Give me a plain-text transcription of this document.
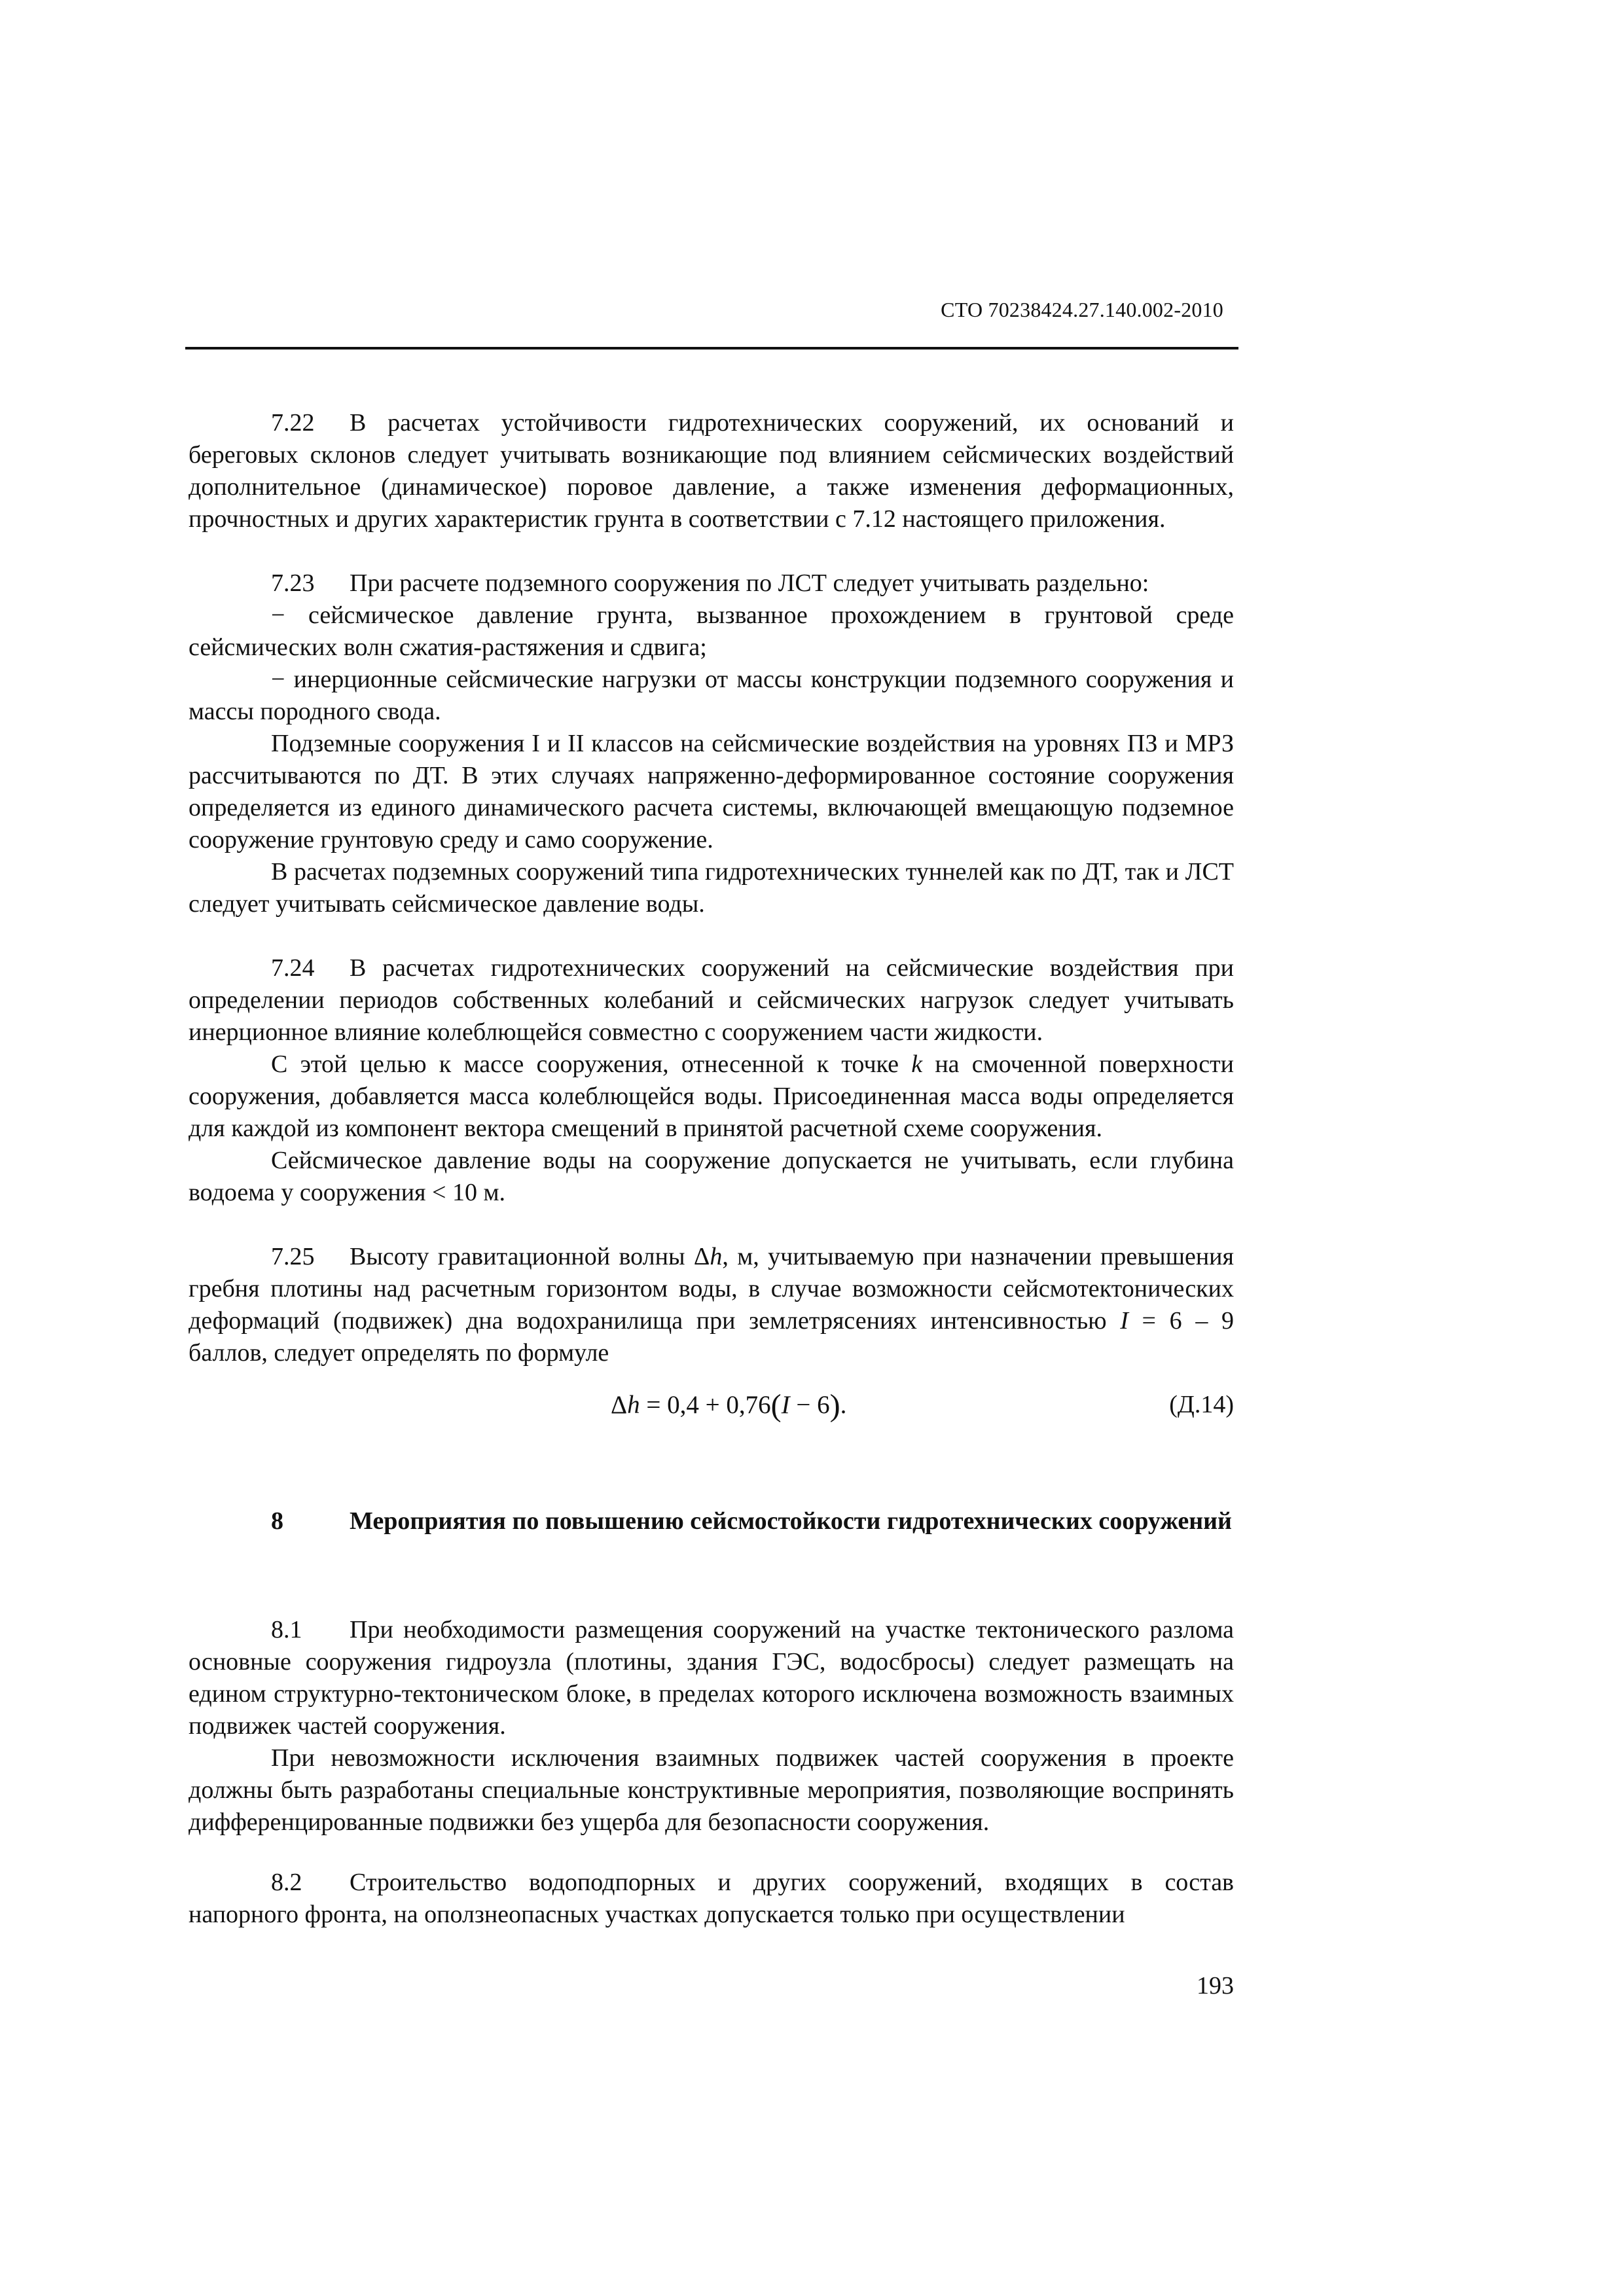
СТО 70238424.27.140.002-2010

7.22 В расчетах устойчивости гидротехнических сооружений, их оснований и береговых склонов следует учитывать возникающие под влиянием сейсмических воздействий дополнительное (динамическое) поровое давление, а также изменения деформационных, прочностных и других характеристик грунта в соответствии с 7.12 настоящего приложения.

7.23 При расчете подземного сооружения по ЛСТ следует учитывать раздельно:

− сейсмическое давление грунта, вызванное прохождением в грунтовой среде сейсмических волн сжатия-растяжения и сдвига;

− инерционные сейсмические нагрузки от массы конструкции подземного сооружения и массы породного свода.

Подземные сооружения I и II классов на сейсмические воздействия на уровнях ПЗ и МРЗ рассчитываются по ДТ. В этих случаях напряженно-деформированное состояние сооружения определяется из единого динамического расчета системы, включающей вмещающую подземное сооружение грунтовую среду и само сооружение.

В расчетах подземных сооружений типа гидротехнических туннелей как по ДТ, так и ЛСТ следует учитывать сейсмическое давление воды.

7.24 В расчетах гидротехнических сооружений на сейсмические воздействия при определении периодов собственных колебаний и сейсмических нагрузок следует учитывать инерционное влияние колеблющейся совместно с сооружением части жидкости.

С этой целью к массе сооружения, отнесенной к точке k на смоченной поверхности сооружения, добавляется масса колеблющейся воды. Присоединенная масса воды определяется для каждой из компонент вектора смещений в принятой расчетной схеме сооружения.

Сейсмическое давление воды на сооружение допускается не учитывать, если глубина водоема у сооружения < 10 м.

7.25 Высоту гравитационной волны Δh, м, учитываемую при назначении превышения гребня плотины над расчетным горизонтом воды, в случае возможности сейсмотектонических деформаций (подвижек) дна водохранилища при землетрясениях интенсивностью I = 6 – 9 баллов, следует определять по формуле

Δh = 0,4 + 0,76(I − 6).	(Д.14)

8	Мероприятия по повышению сейсмостойкости гидротехнических сооружений

8.1 При необходимости размещения сооружений на участке тектонического разлома основные сооружения гидроузла (плотины, здания ГЭС, водосбросы) следует размещать на едином структурно-тектоническом блоке, в пределах которого исключена возможность взаимных подвижек частей сооружения.

При невозможности исключения взаимных подвижек частей сооружения в проекте должны быть разработаны специальные конструктивные мероприятия, позволяющие воспринять дифференцированные подвижки без ущерба для безопасности сооружения.

8.2 Строительство водоподпорных и других сооружений, входящих в состав напорного фронта, на оползнеопасных участках допускается только при осуществлении

193
